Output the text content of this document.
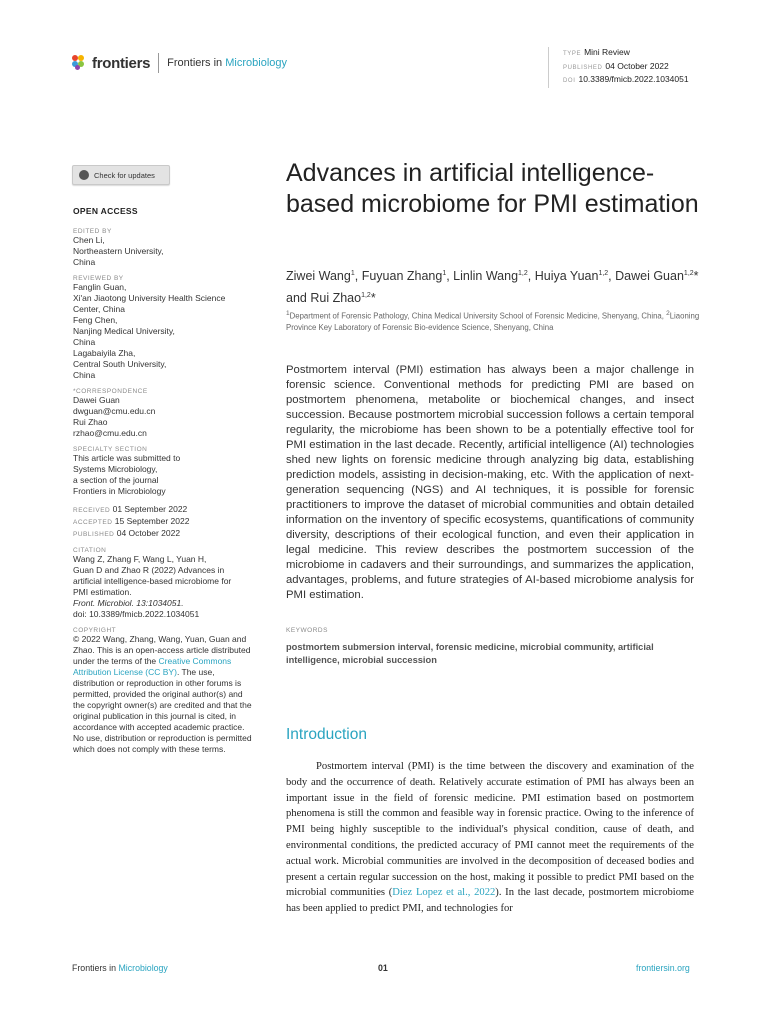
frontiers Frontiers in Microbiology
TYPE Mini Review
PUBLISHED 04 October 2022
DOI 10.3389/fmicb.2022.1034051
Check for updates
OPEN ACCESS
EDITED BY
Chen Li,
Northeastern University,
China
REVIEWED BY
Fanglin Guan,
Xi'an Jiaotong University Health Science
Center, China
Feng Chen,
Nanjing Medical University,
China
Lagabaiyila Zha,
Central South University,
China
*CORRESPONDENCE
Dawei Guan
dwguan@cmu.edu.cn
Rui Zhao
rzhao@cmu.edu.cn
SPECIALTY SECTION
This article was submitted to
Systems Microbiology,
a section of the journal
Frontiers in Microbiology
RECEIVED 01 September 2022
ACCEPTED 15 September 2022
PUBLISHED 04 October 2022
CITATION
Wang Z, Zhang F, Wang L, Yuan H,
Guan D and Zhao R (2022) Advances in
artificial intelligence-based microbiome for
PMI estimation.
Front. Microbiol. 13:1034051.
doi: 10.3389/fmicb.2022.1034051
COPYRIGHT
© 2022 Wang, Zhang, Wang, Yuan, Guan and Zhao. This is an open-access article distributed under the terms of the Creative Commons Attribution License (CC BY). The use, distribution or reproduction in other forums is permitted, provided the original author(s) and the copyright owner(s) are credited and that the original publication in this journal is cited, in accordance with accepted academic practice. No use, distribution or reproduction is permitted which does not comply with these terms.
Advances in artificial intelligence-based microbiome for PMI estimation
Ziwei Wang$^1$, Fuyuan Zhang$^1$, Linlin Wang$^{1,2}$, Huiya Yuan$^{1,2}$, Dawei Guan$^{1,2}$* and Rui Zhao$^{1,2}$*
$^1$Department of Forensic Pathology, China Medical University School of Forensic Medicine, Shenyang, China, $^2$Liaoning Province Key Laboratory of Forensic Bio-evidence Science, Shenyang, China
Postmortem interval (PMI) estimation has always been a major challenge in forensic science. Conventional methods for predicting PMI are based on postmortem phenomena, metabolite or biochemical changes, and insect succession. Because postmortem microbial succession follows a certain temporal regularity, the microbiome has been shown to be a potentially effective tool for PMI estimation in the last decade. Recently, artificial intelligence (AI) technologies shed new lights on forensic medicine through analyzing big data, establishing prediction models, assisting in decision-making, etc. With the application of next-generation sequencing (NGS) and AI techniques, it is possible for forensic practitioners to improve the dataset of microbial communities and obtain detailed information on the inventory of specific ecosystems, quantifications of community diversity, descriptions of their ecological function, and even their application in legal medicine. This review describes the postmortem succession of the microbiome in cadavers and their surroundings, and summarizes the application, advantages, problems, and future strategies of AI-based microbiome analysis for PMI estimation.
KEYWORDS
postmortem submersion interval, forensic medicine, microbial community, artificial intelligence, microbial succession
Introduction
Postmortem interval (PMI) is the time between the discovery and examination of the body and the occurrence of death. Relatively accurate estimation of PMI has always been an important issue in the field of forensic medicine. PMI estimation based on postmortem phenomena is still the common and feasible way in forensic practice. Owing to the inference of PMI being highly susceptible to the individual's physical condition, cause of death, and environmental conditions, the predicted accuracy of PMI cannot meet the requirements of the actual work. Microbial communities are involved in the decomposition of deceased bodies and present a certain regular succession on the host, making it possible to predict PMI based on the microbial communities (Diez Lopez et al., 2022). In the last decade, postmortem microbiome has been applied to predict PMI, and technologies for
Frontiers in Microbiology	01	frontiersin.org
